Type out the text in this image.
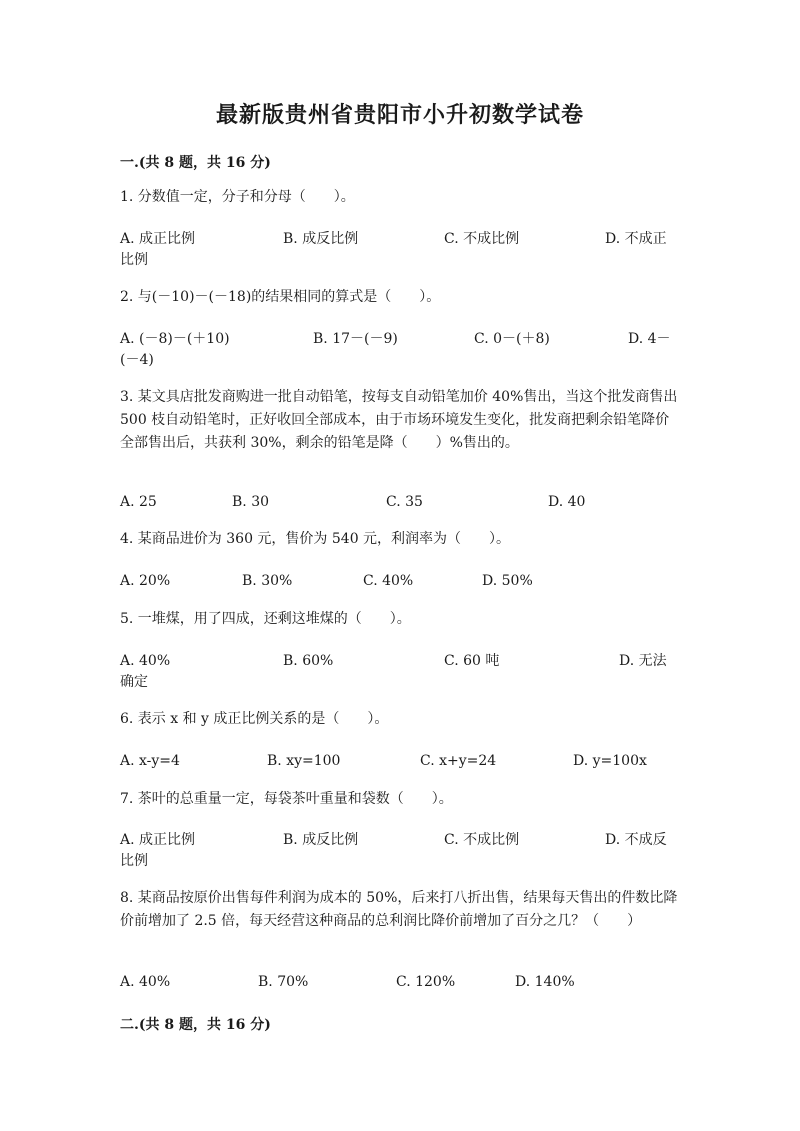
最新版贵州省贵阳市小升初数学试卷
一.(共 8 题，共 16 分)
1. 分数值一定，分子和分母（　　）。
A. 成正比例	B. 成反比例	C. 不成比例	D. 不成正
比例
2. 与(－10)－(－18)的结果相同的算式是（　　）。
A. (－8)－(＋10)	B. 17－(－9)	C. 0－(＋8)	D. 4－
(－4)
3. 某文具店批发商购进一批自动铅笔，按每支自动铅笔加价 40%售出，当这个批发商售出 500 枝自动铅笔时，正好收回全部成本，由于市场环境发生变化，批发商把剩余铅笔降价全部售出后，共获利 30%，剩余的铅笔是降（　　）%售出的。
A. 25	B. 30	C. 35	D. 40
4. 某商品进价为 360 元，售价为 540 元，利润率为（　　）。
A. 20%	B. 30%	C. 40%	D. 50%
5. 一堆煤，用了四成，还剩这堆煤的（　　）。
A. 40%	B. 60%	C. 60 吨	D. 无法
确定
6. 表示 x 和 y 成正比例关系的是（　　）。
A. x-y=4	B. xy=100	C. x+y=24	D. y=100x
7. 茶叶的总重量一定，每袋茶叶重量和袋数（　　）。
A. 成正比例	B. 成反比例	C. 不成比例	D. 不成反
比例
8. 某商品按原价出售每件利润为成本的 50%，后来打八折出售，结果每天售出的件数比降价前增加了 2.5 倍，每天经营这种商品的总利润比降价前增加了百分之几？（　　）
A. 40%	B. 70%	C. 120%	D. 140%
二.(共 8 题，共 16 分)
